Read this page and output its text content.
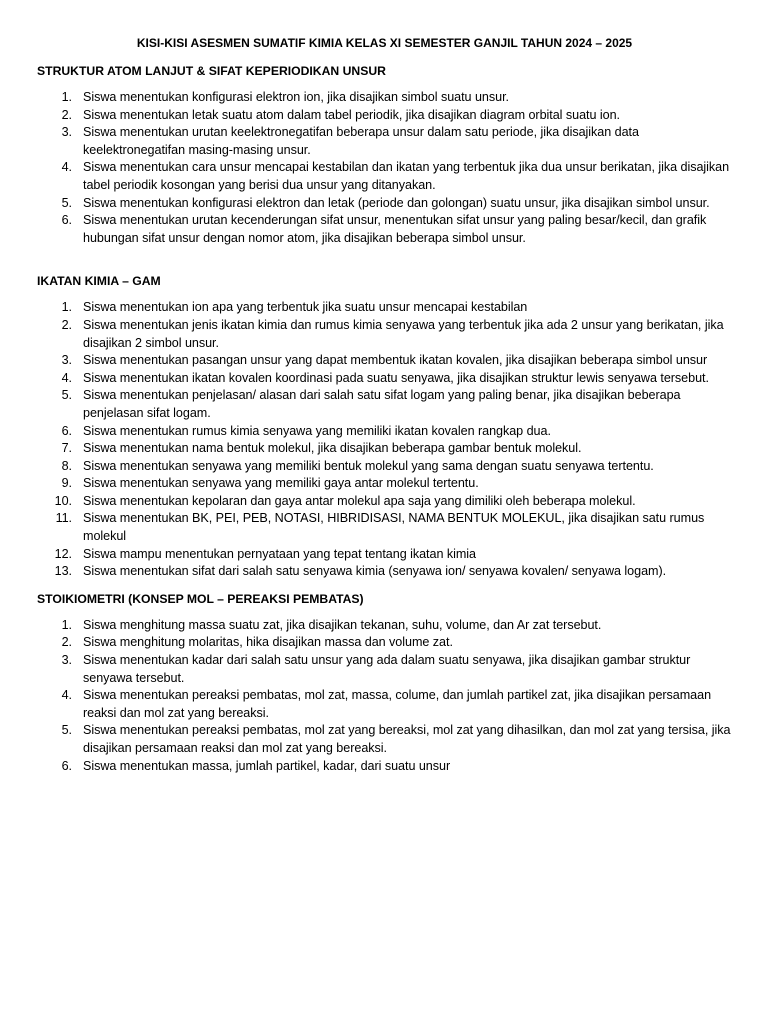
KISI-KISI ASESMEN SUMATIF KIMIA KELAS XI SEMESTER GANJIL TAHUN 2024 – 2025
STRUKTUR ATOM LANJUT & SIFAT KEPERIODIKAN UNSUR
1. Siswa menentukan konfigurasi elektron ion, jika disajikan simbol suatu unsur.
2. Siswa menentukan letak suatu atom dalam tabel periodik, jika disajikan diagram orbital suatu ion.
3. Siswa menentukan urutan keelektronegatifan beberapa unsur dalam satu periode, jika disajikan data keelektronegatifan masing-masing unsur.
4. Siswa menentukan cara unsur mencapai kestabilan dan ikatan yang terbentuk jika dua unsur berikatan, jika disajikan tabel periodik kosongan yang berisi dua unsur yang ditanyakan.
5. Siswa menentukan konfigurasi elektron dan letak (periode dan golongan) suatu unsur, jika disajikan simbol unsur.
6. Siswa menentukan urutan kecenderungan sifat unsur, menentukan sifat unsur yang paling besar/kecil, dan grafik hubungan sifat unsur dengan nomor atom, jika disajikan beberapa simbol unsur.
IKATAN KIMIA – GAM
1. Siswa menentukan ion apa yang terbentuk jika suatu unsur mencapai kestabilan
2. Siswa menentukan jenis ikatan kimia dan rumus kimia senyawa yang terbentuk jika ada 2 unsur yang berikatan, jika disajikan 2 simbol unsur.
3. Siswa menentukan pasangan unsur yang dapat membentuk ikatan kovalen, jika disajikan beberapa simbol unsur
4. Siswa menentukan ikatan kovalen koordinasi pada suatu senyawa, jika disajikan struktur lewis senyawa tersebut.
5. Siswa menentukan penjelasan/ alasan dari salah satu sifat logam yang paling benar, jika disajikan beberapa penjelasan sifat logam.
6. Siswa menentukan rumus kimia senyawa yang memiliki ikatan kovalen rangkap dua.
7. Siswa menentukan nama bentuk molekul, jika disajikan beberapa gambar bentuk molekul.
8. Siswa menentukan senyawa yang memiliki bentuk molekul yang sama dengan suatu senyawa tertentu.
9. Siswa menentukan senyawa yang memiliki gaya antar molekul tertentu.
10. Siswa menentukan kepolaran dan gaya antar molekul apa saja yang dimiliki oleh beberapa molekul.
11. Siswa menentukan BK, PEI, PEB, NOTASI, HIBRIDISASI, NAMA BENTUK MOLEKUL, jika disajikan satu rumus molekul
12. Siswa mampu menentukan pernyataan yang tepat tentang ikatan kimia
13. Siswa menentukan sifat dari salah satu senyawa kimia (senyawa ion/ senyawa kovalen/ senyawa logam).
STOIKIOMETRI (KONSEP MOL – PEREAKSI PEMBATAS)
1. Siswa menghitung massa suatu zat, jika disajikan tekanan, suhu, volume, dan Ar zat tersebut.
2. Siswa menghitung molaritas, hika disajikan massa dan volume zat.
3. Siswa menentukan kadar dari salah satu unsur yang ada dalam suatu senyawa, jika disajikan gambar struktur senyawa tersebut.
4. Siswa menentukan pereaksi pembatas, mol zat, massa, colume, dan jumlah partikel zat, jika disajikan persamaan reaksi dan mol zat yang bereaksi.
5. Siswa menentukan pereaksi pembatas, mol zat yang bereaksi, mol zat yang dihasilkan, dan mol zat yang tersisa, jika disajikan persamaan reaksi dan mol zat yang bereaksi.
6. Siswa menentukan massa, jumlah partikel, kadar, dari suatu unsur
